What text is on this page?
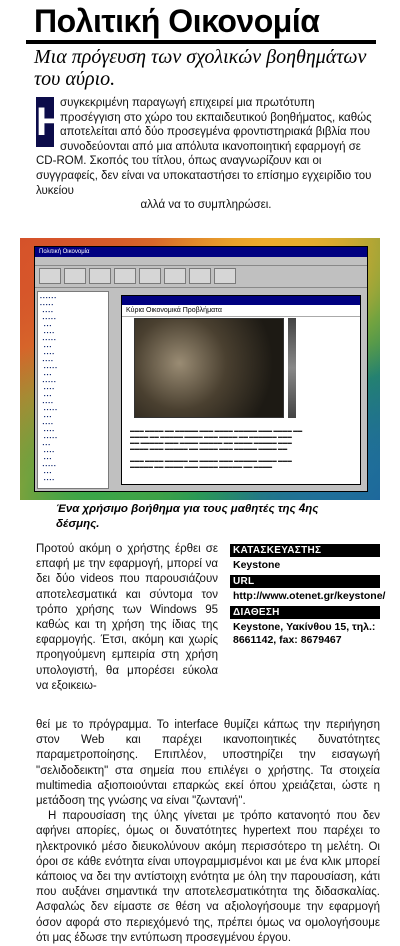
Πολιτική Οικονομία
Μια πρόγευση των σχολικών βοηθημάτων του αύριο.
Η
συγκεκριμένη παραγωγή επιχειρεί μια πρωτότυπη προσέγγιση στο χώρο του εκπαιδευτικού βοηθήματος, καθώς αποτελείται από δύο προσεγμένα φροντιστηριακά βιβλία που συνοδεύονται από μια απόλυτα ικανοποιητική εφαρμογή σε CD-ROM. Σκοπός του τίτλου, όπως αναγνωρίζουν και οι συγγραφείς, δεν είναι να υποκαταστήσει το επίσημο εγχειρίδιο του λυκείου
αλλά να το συμπληρώσει.
Πολιτική Οικονομία
▪ ▪ ▪ ▪ ▪ ▪
▪ ▪ ▪ ▪ ▪
▪ ▪ ▪ ▪
▪ ▪ ▪ ▪ ▪
▪ ▪ ▪
▪ ▪ ▪ ▪
▪ ▪ ▪ ▪ ▪
▪ ▪ ▪
▪ ▪ ▪ ▪
▪ ▪ ▪ ▪
▪ ▪ ▪ ▪ ▪
▪ ▪ ▪
▪ ▪ ▪ ▪ ▪
▪ ▪ ▪ ▪
▪ ▪ ▪
▪ ▪ ▪ ▪
▪ ▪ ▪ ▪ ▪
▪ ▪ ▪
▪ ▪ ▪ ▪
▪ ▪ ▪ ▪
▪ ▪ ▪ ▪ ▪
▪ ▪ ▪
▪ ▪ ▪ ▪
▪ ▪ ▪
▪ ▪ ▪ ▪ ▪
▪ ▪ ▪
▪ ▪ ▪ ▪
Κύρια Οικονομικά Προβλήματα
▬▬▬ ▬▬▬▬ ▬▬ ▬▬▬▬▬ ▬▬▬ ▬▬▬▬ ▬▬▬▬▬ ▬▬▬ ▬▬▬▬ ▬▬
▬▬▬▬ ▬▬ ▬▬▬▬▬ ▬▬▬▬ ▬▬▬ ▬▬▬▬ ▬▬ ▬▬▬▬▬▬ ▬▬▬
▬▬ ▬▬▬▬▬ ▬▬▬ ▬▬▬▬ ▬▬▬▬▬ ▬▬ ▬▬▬▬ ▬▬▬▬▬ ▬▬▬
▬▬▬▬ ▬▬▬ ▬▬▬▬▬ ▬▬ ▬▬▬▬ ▬▬▬ ▬▬▬▬▬ ▬▬▬▬ ▬▬

▬▬▬ ▬▬▬▬ ▬▬▬▬▬ ▬▬ ▬▬▬▬ ▬▬▬ ▬▬▬▬▬ ▬▬▬▬ ▬▬▬
▬▬▬▬▬ ▬▬ ▬▬▬▬ ▬▬▬ ▬▬▬▬ ▬▬▬▬▬ ▬▬ ▬▬▬▬
Ένα χρήσιμο βοήθημα για τους μαθητές της 4ης δέσμης.
Προτού ακόμη ο χρήστης έρθει σε επαφή με την εφαρμογή, μπορεί να δει δύο videos που παρουσιάζουν αποτελεσματικά και σύντομα τον τρόπο χρήσης των Windows 95 καθώς και τη χρήση της ίδιας της εφαρμογής. Έτσι, ακόμη και χωρίς προηγούμενη εμπειρία στη χρήση υπολογιστή, θα μπορέσει εύκολα να εξοικειω-
ΚΑΤΑΣΚΕΥΑΣΤΗΣ
Keystone
URL
http://www.otenet.gr/keystone/
ΔΙΑΘΕΣΗ
Keystone, Υακίνθου 15, τηλ.: 8661142, fax: 8679467

θεί με το πρόγραμμα. Το interface θυμίζει κάπως την περιήγηση στον Web και παρέχει ικανοποιητικές δυνατότητες παραμετροποίησης. Επιπλέον, υποστηρίζει την εισαγωγή "σελιδοδεικτη" στα σημεία που επιλέγει ο χρήστης. Τα στοιχεία multimedia αξιοποιούνται επαρκώς εκεί όπου χρειάζεται, ώστε η μετάδοση της γνώσης να είναι "ζωντανή".

Η παρουσίαση της ύλης γίνεται με τρόπο κατανοητό που δεν αφήνει απορίες, όμως οι δυνατότητες hypertext που παρέχει το ηλεκτρονικό μέσο διευκολύνουν ακόμη περισσότερο τη μελέτη. Οι όροι σε κάθε ενότητα είναι υπογραμμισμένοι και με ένα κλικ μπορεί κάποιος να δει την αντίστοιχη ενότητα με όλη την παρουσίαση, κάτι που αυξάνει σημαντικά την αποτελεσματικότητα της διδασκαλίας. Ασφαλώς δεν είμαστε σε θέση να αξιολογήσουμε την εφαρμογή όσον αφορά στο περιεχόμενό της, πρέπει όμως να ομολογήσουμε ότι μας έδωσε την εντύπωση προσεγμένου έργου.
